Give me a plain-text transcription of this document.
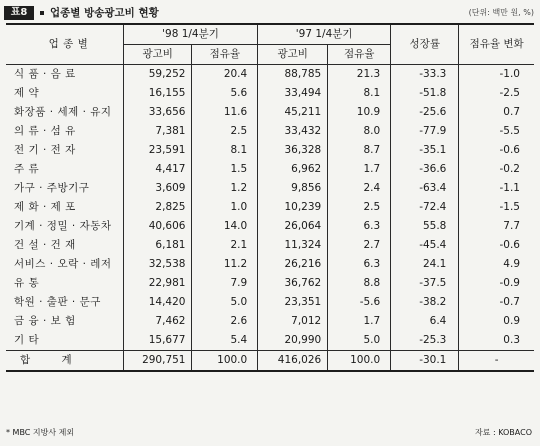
표8	업종별 방송광고비 현황	(단위: 백만 원, %)
업 종 별	'98 1/4분기		'97 1/4분기		성장률	점유율 변화
	광고비	점유율	광고비	점유율		
식 품 · 음 료	59,252	20.4	88,785	21.3	-33.3	-1.0
제 약	16,155	5.6	33,494	8.1	-51.8	-2.5
화장품 · 세제 · 유지	33,656	11.6	45,211	10.9	-25.6	0.7
의 류 · 섬 유	7,381	2.5	33,432	8.0	-77.9	-5.5
전 기 · 전 자	23,591	8.1	36,328	8.7	-35.1	-0.6
주 류	4,417	1.5	6,962	1.7	-36.6	-0.2
가구 · 주방기구	3,609	1.2	9,856	2.4	-63.4	-1.1
제 화 · 제 포	2,825	1.0	10,239	2.5	-72.4	-1.5
기계 · 정밀 · 자동차	40,606	14.0	26,064	6.3	55.8	7.7
건 설 · 건 재	6,181	2.1	11,324	2.7	-45.4	-0.6
서비스 · 오락 · 레저	32,538	11.2	26,216	6.3	24.1	4.9
유 통	22,981	7.9	36,762	8.8	-37.5	-0.9
학원 · 출판 · 문구	14,420	5.0	23,351	-5.6	-38.2	-0.7
금 융 · 보 험	7,462	2.6	7,012	1.7	6.4	0.9
기 타	15,677	5.4	20,990	5.0	-25.3	0.3
합 계	290,751	100.0	416,026	100.0	-30.1	-
* MBC 지방사 제외	자료 : KOBACO
